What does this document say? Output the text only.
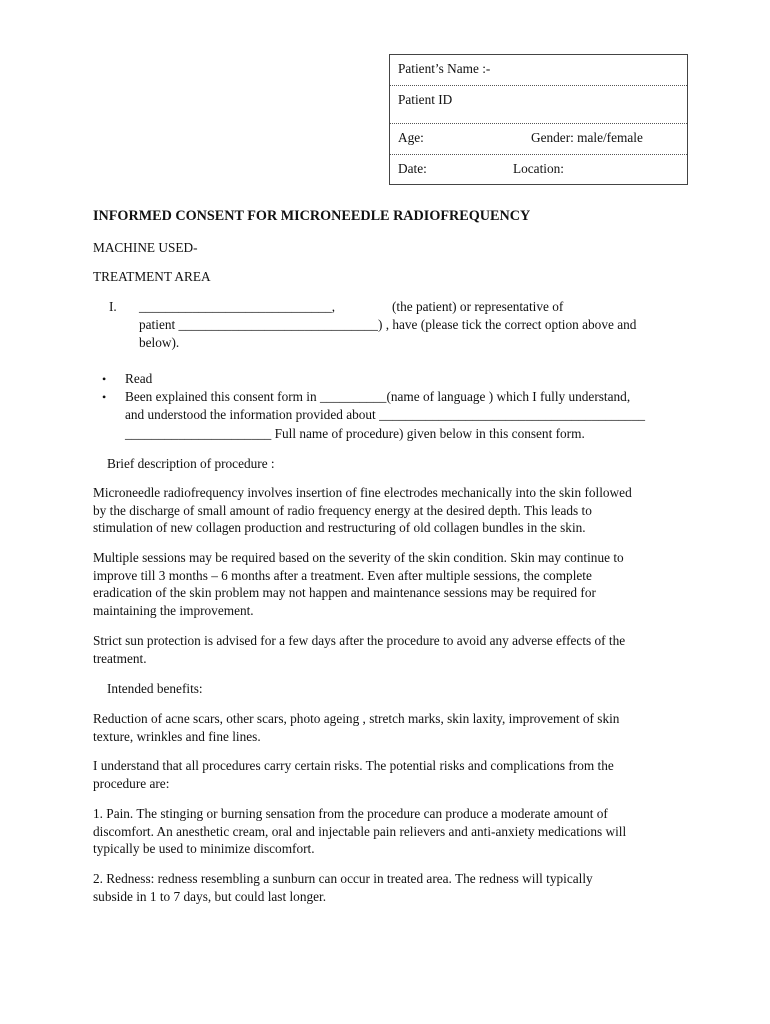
Patient’s Name :-
Patient ID
Age:	Gender: male/female
Date:	Location:
INFORMED CONSENT FOR MICRONEEDLE RADIOFREQUENCY
MACHINE USED-
TREATMENT AREA
I. _____________________________,	(the patient) or representative of
patient ______________________________) , have (please tick the correct option above and
below).
• Read
• Been explained this consent form in __________(name of language ) which I fully understand,
and understood the information provided about ________________________________________
______________________ Full name of procedure) given below in this consent form.
Brief description of procedure :
Microneedle radiofrequency involves insertion of fine electrodes mechanically into the skin followed
by the discharge of small amount of radio frequency energy at the desired depth. This leads to
stimulation of new collagen production and restructuring of old collagen bundles in the skin.
Multiple sessions may be required based on the severity of the skin condition. Skin may continue to
improve till 3 months – 6 months after a treatment. Even after multiple sessions, the complete
eradication of the skin problem may not happen and maintenance sessions may be required for
maintaining the improvement.
Strict sun protection is advised for a few days after the procedure to avoid any adverse effects of the
treatment.
Intended benefits:
Reduction of acne scars, other scars, photo ageing , stretch marks, skin laxity, improvement of skin
texture, wrinkles and fine lines.
I understand that all procedures carry certain risks. The potential risks and complications from the
procedure are:
1. Pain. The stinging or burning sensation from the procedure can produce a moderate amount of
discomfort. An anesthetic cream, oral and injectable pain relievers and anti-anxiety medications will
typically be used to minimize discomfort.
2. Redness: redness resembling a sunburn can occur in treated area. The redness will typically
subside in 1 to 7 days, but could last longer.
